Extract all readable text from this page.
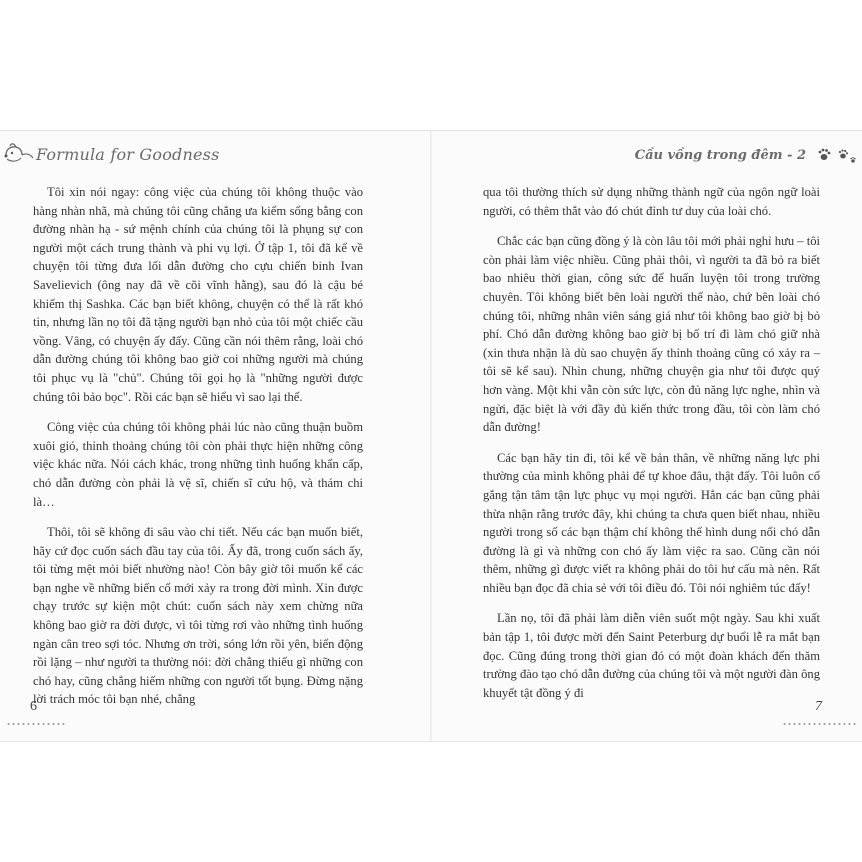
Formula for Goodness	Cầu vồng trong đêm - 2

Tôi xin nói ngay: công việc của chúng tôi không thuộc vào hàng nhàn nhã, mà chúng tôi cũng chẳng ưa kiếm sống bằng con đường nhàn hạ - sứ mệnh chính của chúng tôi là phụng sự con người một cách trung thành và phi vụ lợi. Ở tập 1, tôi đã kể về chuyện tôi từng đưa lối dẫn đường cho cựu chiến binh Ivan Savelievich (ông nay đã về cõi vĩnh hằng), sau đó là cậu bé khiếm thị Sashka. Các bạn biết không, chuyện có thể là rất khó tin, nhưng lần nọ tôi đã tặng người bạn nhỏ của tôi một chiếc cầu vồng. Vâng, có chuyện ấy đấy. Cũng cần nói thêm rằng, loài chó dẫn đường chúng tôi không bao giờ coi những người mà chúng tôi phục vụ là "chủ". Chúng tôi gọi họ là "những người được chúng tôi bảo bọc". Rồi các bạn sẽ hiểu vì sao lại thế.

Công việc của chúng tôi không phải lúc nào cũng thuận buồm xuôi gió, thỉnh thoảng chúng tôi còn phải thực hiện những công việc khác nữa. Nói cách khác, trong những tình huống khẩn cấp, chó dẫn đường còn phải là vệ sĩ, chiến sĩ cứu hộ, và thám chi là…

Thôi, tôi sẽ không đi sâu vào chi tiết. Nếu các bạn muốn biết, hãy cứ đọc cuốn sách đầu tay của tôi. Ấy đã, trong cuốn sách ấy, tôi từng mệt mỏi biết nhường nào! Còn bây giờ tôi muốn kể các bạn nghe về những biến cố mới xảy ra trong đời mình. Xin được chạy trước sự kiện một chút: cuốn sách này xem chừng nữa không bao giờ ra đời được, vì tôi từng rơi vào những tình huống ngàn cân treo sợi tóc. Nhưng ơn trời, sóng lớn rồi yên, biển động rồi lặng – như người ta thường nói: đời chẳng thiếu gì những con chó hay, cũng chẳng hiếm những con người tốt bụng. Đừng nặng lời trách móc tôi bạn nhé, chẳng

qua tôi thường thích sử dụng những thành ngữ của ngôn ngữ loài người, có thêm thắt vào đó chút đỉnh tư duy của loài chó.

Chắc các bạn cũng đồng ý là còn lâu tôi mới phải nghỉ hưu – tôi còn phải làm việc nhiều. Cũng phải thôi, vì người ta đã bỏ ra biết bao nhiêu thời gian, công sức để huấn luyện tôi trong trường chuyên. Tôi không biết bên loài người thế nào, chứ bên loài chó chúng tôi, những nhân viên sáng giá như tôi không bao giờ bị bỏ phí. Chó dẫn đường không bao giờ bị bố trí đi làm chó giữ nhà (xin thưa nhận là dù sao chuyện ấy thỉnh thoảng cũng có xảy ra – tôi sẽ kể sau). Nhìn chung, những chuyện gia như tôi được quý hơn vàng. Một khi vẫn còn sức lực, còn đủ năng lực nghe, nhìn và ngửi, đặc biệt là với đầy đủ kiến thức trong đầu, tôi còn làm chó dẫn đường!

Các bạn hãy tin đi, tôi kể về bản thân, về những năng lực phi thường của mình không phải để tự khoe đâu, thật đấy. Tôi luôn cố gắng tận tâm tận lực phục vụ mọi người. Hẳn các bạn cũng phải thừa nhận rằng trước đây, khi chúng ta chưa quen biết nhau, nhiều người trong số các bạn thậm chí không thể hình dung nổi chó dẫn đường là gì và những con chó ấy làm việc ra sao. Cũng cần nói thêm, những gì được viết ra không phải do tôi hư cấu mà nên. Rất nhiều bạn đọc đã chia sẻ với tôi điều đó. Tôi nói nghiêm túc đấy!

Lần nọ, tôi đã phải làm diễn viên suốt một ngày. Sau khi xuất bản tập 1, tôi được mời đến Saint Peterburg dự buổi lễ ra mắt bạn đọc. Cũng đúng trong thời gian đó có một đoàn khách đến thăm trường đào tạo chó dẫn đường của chúng tôi và một người đàn ông khuyết tật đồng ý đi

6	7
